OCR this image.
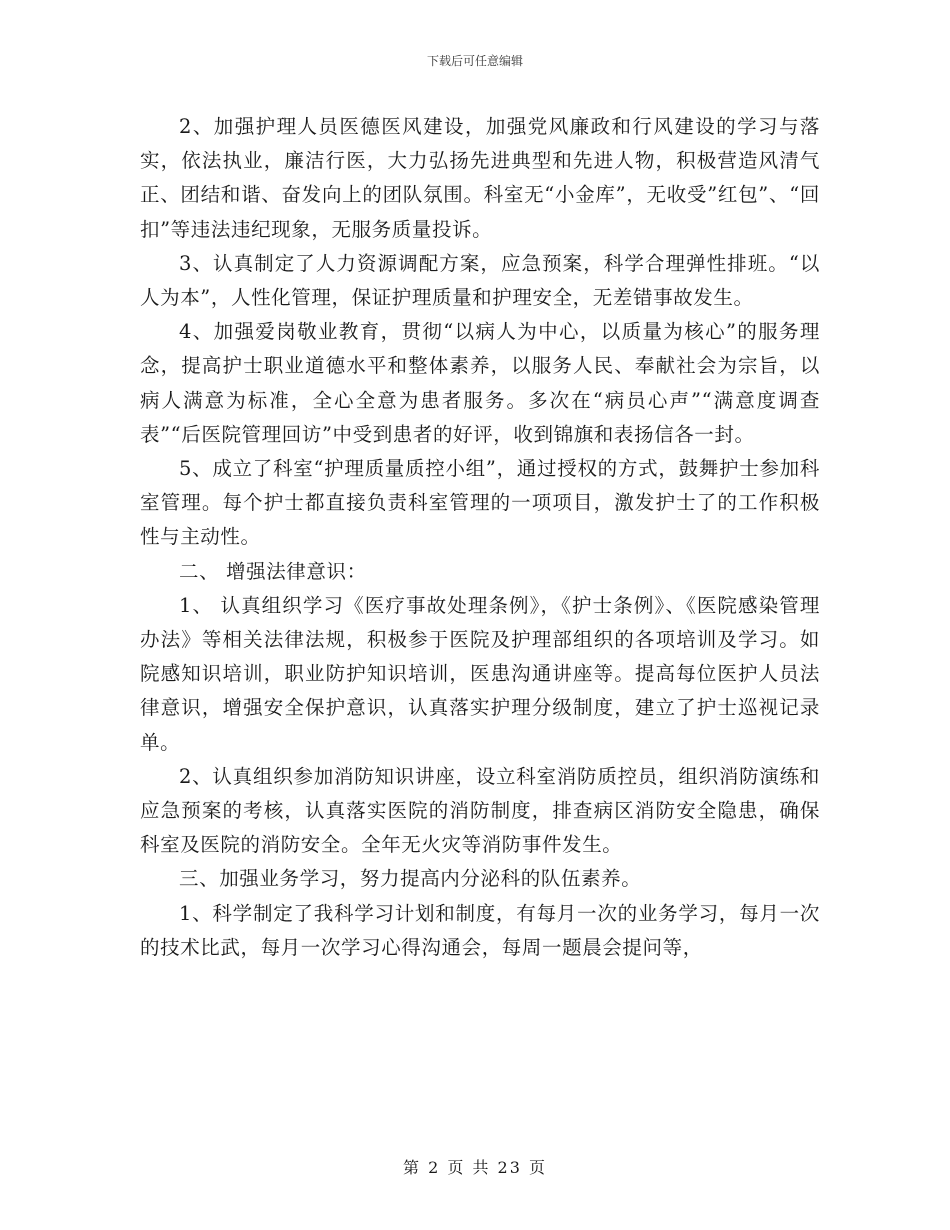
下载后可任意编辑

2、加强护理人员医德医风建设，加强党风廉政和行风建设的学习与落实，依法执业，廉洁行医，大力弘扬先进典型和先进人物，积极营造风清气正、团结和谐、奋发向上的团队氛围。科室无“小金库”，无收受”红包”、“回扣”等违法违纪现象，无服务质量投诉。

3、认真制定了人力资源调配方案，应急预案，科学合理弹性排班。“以人为本”，人性化管理，保证护理质量和护理安全，无差错事故发生。

4、加强爱岗敬业教育，贯彻“以病人为中心，以质量为核心”的服务理念，提高护士职业道德水平和整体素养，以服务人民、奉献社会为宗旨，以病人满意为标准，全心全意为患者服务。多次在“病员心声”“满意度调查表”“后医院管理回访”中受到患者的好评，收到锦旗和表扬信各一封。

5、成立了科室“护理质量质控小组”，通过授权的方式，鼓舞护士参加科室管理。每个护士都直接负责科室管理的一项项目，激发护士了的工作积极性与主动性。

二、 增强法律意识：

1、 认真组织学习《医疗事故处理条例》，《护士条例》、《医院感染管理办法》等相关法律法规，积极参于医院及护理部组织的各项培训及学习。如院感知识培训，职业防护知识培训，医患沟通讲座等。提高每位医护人员法律意识，增强安全保护意识，认真落实护理分级制度，建立了护士巡视记录单。

2、认真组织参加消防知识讲座，设立科室消防质控员，组织消防演练和应急预案的考核，认真落实医院的消防制度，排查病区消防安全隐患，确保科室及医院的消防安全。全年无火灾等消防事件发生。

三、加强业务学习，努力提高内分泌科的队伍素养。

1、科学制定了我科学习计划和制度，有每月一次的业务学习，每月一次的技术比武，每月一次学习心得沟通会，每周一题晨会提问等，

第 2 页 共 23 页
